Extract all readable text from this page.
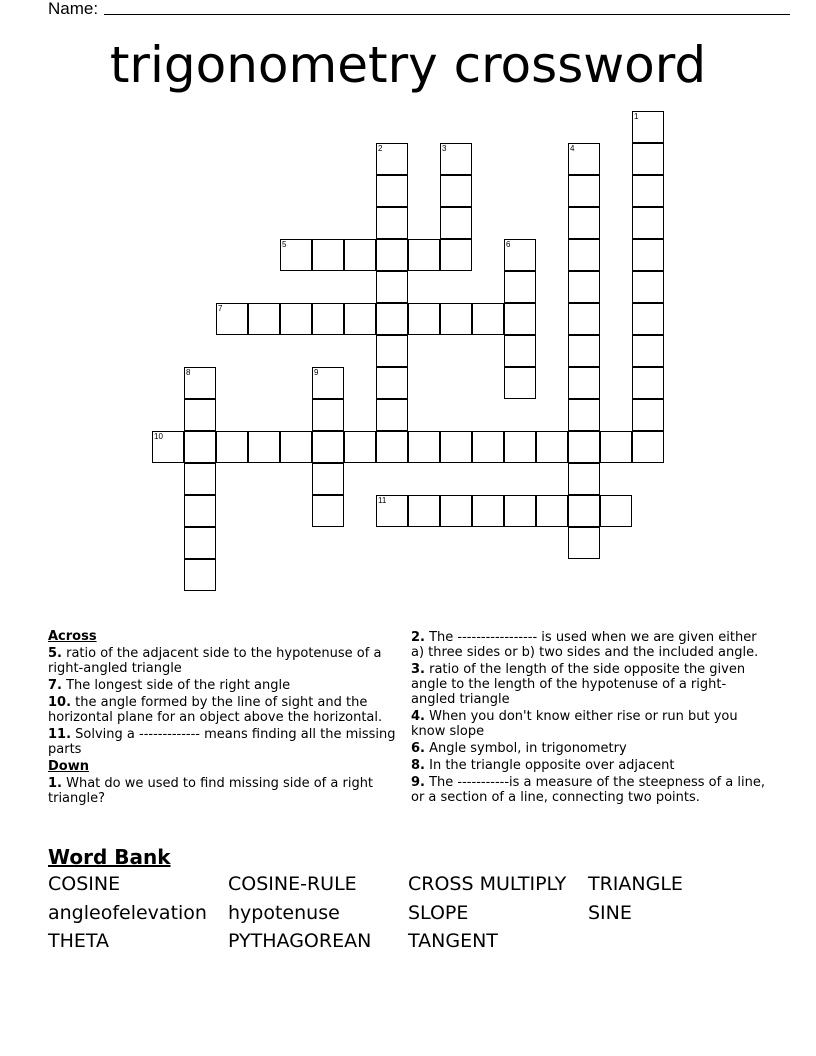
Name:
trigonometry crossword
1
2	3	4
5	6
7
8	9
10
11
Across
5. ratio of the adjacent side to the hypotenuse of a right-angled triangle
7. The longest side of the right angle
10. the angle formed by the line of sight and the horizontal plane for an object above the horizontal.
11. Solving a ------------- means finding all the missing parts
Down
1. What do we used to find missing side of a right triangle?
2. The ----------------- is used when we are given either a) three sides or b) two sides and the included angle.
3. ratio of the length of the side opposite the given angle to the length of the hypotenuse of a right-angled triangle
4. When you don't know either rise or run but you know slope
6. Angle symbol, in trigonometry
8. In the triangle opposite over adjacent
9. The -----------is a measure of the steepness of a line, or a section of a line, connecting two points.
Word Bank
COSINE	COSINE-RULE	CROSS MULTIPLY	TRIANGLE
angleofelevation	hypotenuse	SLOPE	SINE
THETA	PYTHAGOREAN	TANGENT
